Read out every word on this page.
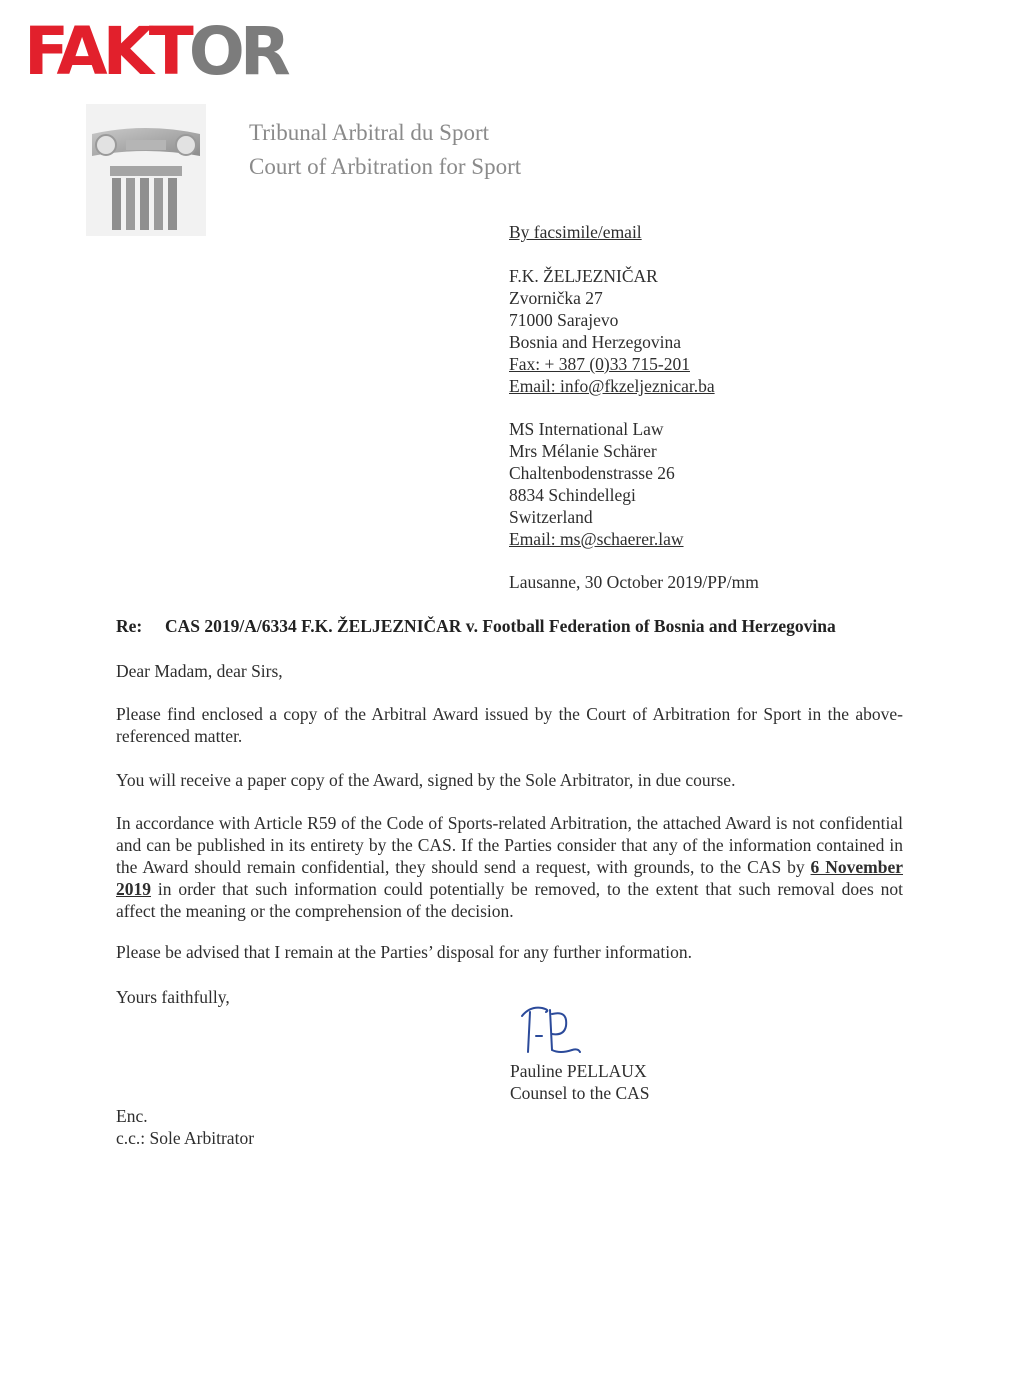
FAKT OR
Tribunal Arbitral du Sport
Court of Arbitration for Sport
By facsimile/email
F.K. ŽELJEZNIČAR
Zvornička 27
71000 Sarajevo
Bosnia and Herzegovina
Fax: + 387 (0)33 715-201
Email: info@fkzeljeznicar.ba
MS International Law
Mrs Mélanie Schärer
Chaltenbodenstrasse 26
8834 Schindellegi
Switzerland
Email: ms@schaerer.law
Lausanne, 30 October 2019/PP/mm
Re: CAS 2019/A/6334 F.K. ŽELJEZNIČAR v. Football Federation of Bosnia and Herzegovina
Dear Madam, dear Sirs,
Please find enclosed a copy of the Arbitral Award issued by the Court of Arbitration for Sport in the above-referenced matter.
You will receive a paper copy of the Award, signed by the Sole Arbitrator, in due course.
In accordance with Article R59 of the Code of Sports-related Arbitration, the attached Award is not confidential and can be published in its entirety by the CAS. If the Parties consider that any of the information contained in the Award should remain confidential, they should send a request, with grounds, to the CAS by 6 November 2019 in order that such information could potentially be removed, to the extent that such removal does not affect the meaning or the comprehension of the decision.
Please be advised that I remain at the Parties’ disposal for any further information.
Yours faithfully,
Pauline PELLAUX
Counsel to the CAS
Enc.
c.c.: Sole Arbitrator
